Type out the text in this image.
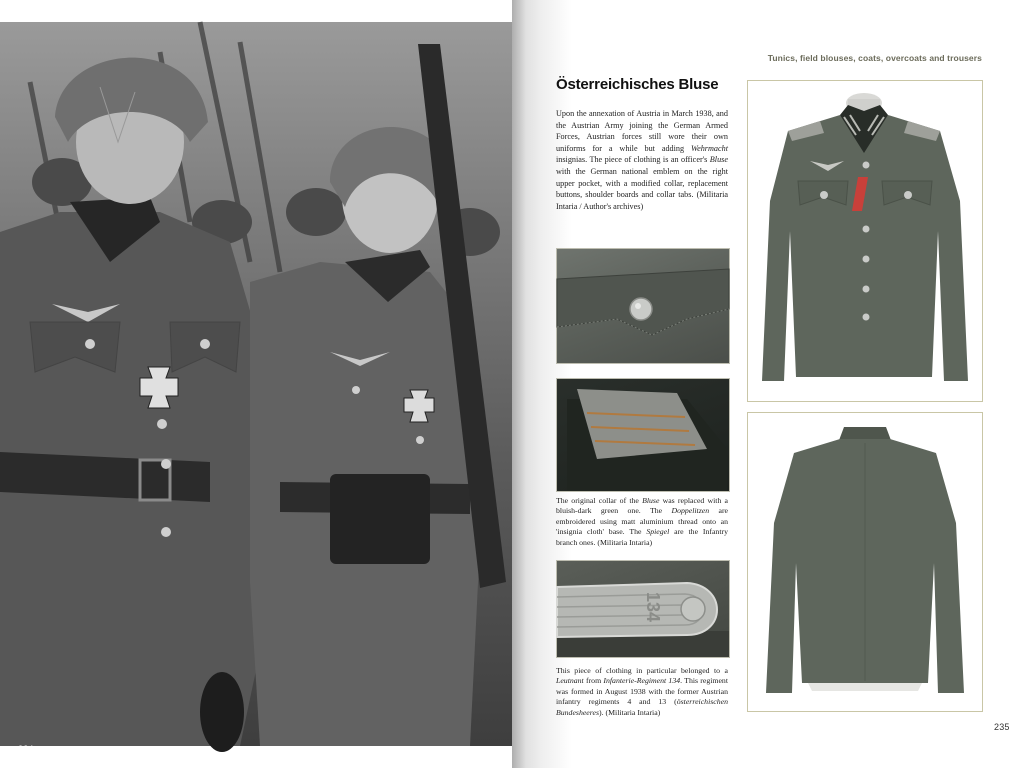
234
Tunics, field blouses, coats, overcoats and trousers
Österreichisches Bluse

Upon the annexation of Austria in March 1938, and the Austrian Army joining the German Armed Forces, Austrian forces still wore their own uniforms for a while but adding Wehrmacht insignias. The piece of clothing is an officer's Bluse with the German national emblem on the right upper pocket, with a modified collar, replacement buttons, shoulder boards and collar tabs. (Militaria Intaria / Author's archives)

The original collar of the Bluse was replaced with a bluish-dark green one. The Doppelitzen are embroidered using matt aluminium thread onto an 'insignia cloth' base. The Spiegel are the Infantry branch ones. (Militaria Intaria)

134

This piece of clothing in particular belonged to a Leutnant from Infanterie-Regiment 134. This regiment was formed in August 1938 with the former Austrian infantry regiments 4 and 13 (österreichischen Bundesheeres). (Militaria Intaria)

235
